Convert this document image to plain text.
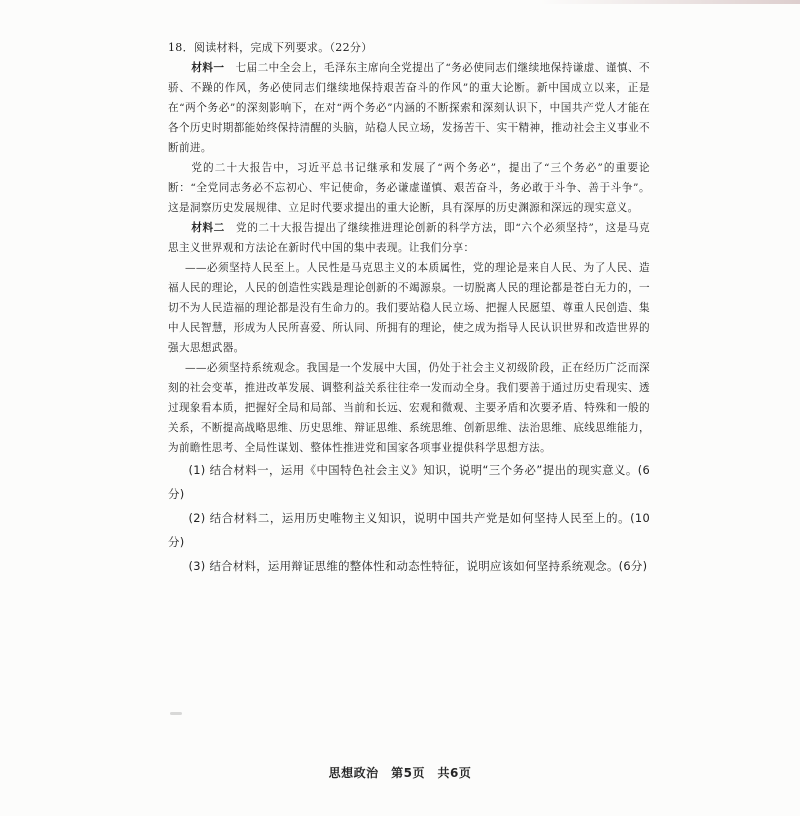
18．阅读材料，完成下列要求。（22分）

材料一　 七届二中全会上，毛泽东主席向全党提出了“务必使同志们继续地保持谦虚、谨慎、不骄、不躁的作风，务必使同志们继续地保持艰苦奋斗的作风”的重大论断。新中国成立以来，正是在“两个务必”的深刻影响下，在对“两个务必”内涵的不断探索和深刻认识下，中国共产党人才能在各个历史时期都能始终保持清醒的头脑，站稳人民立场，发扬苦干、实干精神，推动社会主义事业不断前进。

党的二十大报告中，习近平总书记继承和发展了“两个务必”，提出了“三个务必”的重要论断：“全党同志务必不忘初心、牢记使命，务必谦虚谨慎、艰苦奋斗，务必敢于斗争、善于斗争”。这是洞察历史发展规律、立足时代要求提出的重大论断，具有深厚的历史渊源和深远的现实意义。

材料二　 党的二十大报告提出了继续推进理论创新的科学方法，即“六个必须坚持”，这是马克思主义世界观和方法论在新时代中国的集中表现。让我们分享：

——必须坚持人民至上。人民性是马克思主义的本质属性，党的理论是来自人民、为了人民、造福人民的理论，人民的创造性实践是理论创新的不竭源泉。一切脱离人民的理论都是苍白无力的，一切不为人民造福的理论都是没有生命力的。我们要站稳人民立场、把握人民愿望、尊重人民创造、集中人民智慧，形成为人民所喜爱、所认同、所拥有的理论，使之成为指导人民认识世界和改造世界的强大思想武器。

——必须坚持系统观念。我国是一个发展中大国，仍处于社会主义初级阶段，正在经历广泛而深刻的社会变革，推进改革发展、调整利益关系往往牵一发而动全身。我们要善于通过历史看现实、透过现象看本质，把握好全局和局部、当前和长远、宏观和微观、主要矛盾和次要矛盾、特殊和一般的关系，不断提高战略思维、历史思维、辩证思维、系统思维、创新思维、法治思维、底线思维能力，为前瞻性思考、全局性谋划、整体性推进党和国家各项事业提供科学思想方法。

(1) 结合材料一，运用《中国特色社会主义》知识，说明“三个务必”提出的现实意义。(6分)

(2) 结合材料二，运用历史唯物主义知识，说明中国共产党是如何坚持人民至上的。(10分)

(3) 结合材料，运用辩证思维的整体性和动态性特征，说明应该如何坚持系统观念。(6分)

思想政治　第5页　共6页
